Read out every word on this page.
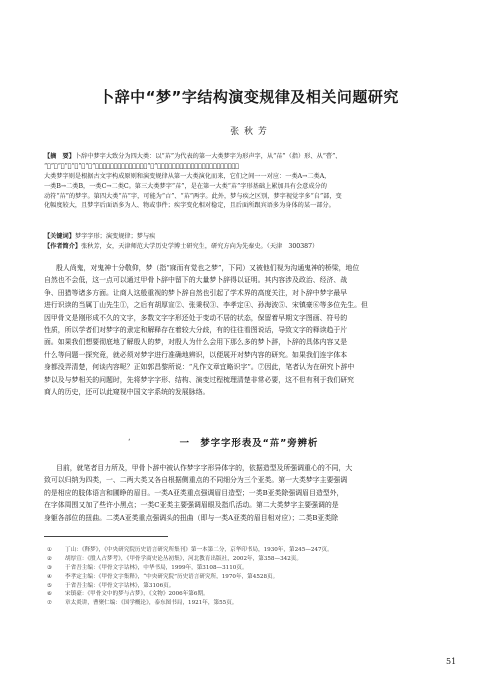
卜辞中“梦”字结构演变规律及相关问题研究
张 秋 芳
【摘　要】卜辞中梦字大致分为四大类：以“𦬢”为代表的第一大类梦字为形声字，从“𦬢”（指）形、从“瞢”、
“𤰷”、“𪽙”、“𢦏”或“𦬢”（异体声旁），𤕤（帚）声；以“梦”为代表的第二大类梦字是第一大类的省形字。第二
大类梦字则是根据古文字构成原则和演变规律从第一大类演化而来，它们之间一一对应：一类A→二类A，
一类B→二类B，一类C→二类C。第三大类梦字“𦬢”，是在第一大类“𦬢”字形基础上累加具有会意成分的
动符“𦬢”的梦字。第四大类“𦬢”字，可能为“𣅀”、“𦬢”两字。此外，梦与疾之区别，梦字视觉字多“𠂤”部，变
化幅度较大，且梦字后面语多为人、物或事件；疾字变化相对稳定，且后面所跟宾语多为身体的某一部分。
【关键词】梦字字形；演变规律；梦与疾
【作者简介】张秋芳，女，天津师范大学历史学博士研究生，研究方向为先秦史。（天津　300387）
殷人尚鬼，对鬼神十分敬仰，梦（指“寐而有觉也之梦”，下同）又被他们视为沟通鬼神的桥梁，地位
自然也不会低，这一点可以通过甲骨卜辞中留下的大量梦卜辞得以证明。其内容涉及政治、经济、战
争、田猎等诸多方面。让商人这般重视的梦卜辞自然也引起了学术界的高度关注，对卜辞中梦字最早
进行识读的当属丁山先生①，之后有胡厚宣②、张秉权③、李孝定④、孙海波⑤、宋镇豪⑥等多位先生。但
因甲骨文是刚形成不久的文字，多数文字字形还处于变动不居的状态，保留着早期文字图画、符号的
性质，所以学者们对梦字的隶定和解释存在着较大分歧，有的往往看图说话，导致文字的释读趋于片
面。如果我们想要彻底地了解殷人的梦，对殷人为什么会用下那么多的梦卜辞，卜辞的具体内容又是
什么等问题一探究竟，就必须对梦字进行准确地辨识，以便展开对梦内容的研究。如果我们连字体本
身都没弄清楚，何谈内容呢？正如郭昌黎所说：“凡作文章宜略识字”。⑦因此，笔者认为在研究卜辞中
梦以及与梦相关的问题时，先将梦字字形、结构、演变过程梳理清楚非常必要，这不但有利于我们研究
商人的历史，还可以此窥视中国文字系统的发展脉络。
‘	一　 梦字字形表及“𦬢”旁辨析
目前，就笔者目力所及，甲骨卜辞中被认作梦字字形异体字的，依据造型及所强调重心的不同，大
致可以归纳为四类，一、二两大类又各自根据侧重点的不同细分为三个亚类。第一大类梦字主要强调
的是相应的肢体语言和圃睁的眉目。一类A亚类重点强调眉目造型；一类B亚类除强调眉目造型外，
在字体周围又加了些许小黑点；一类C亚类主要强调眉眼及指爪活动。第二大类梦字主要强调的是
身躯各部位的扭曲。二类A亚类重点强调头的扭曲（即与一类A亚类的眉目相对应）；二类B亚类除
① 丁山：《释梦》，《中央研究院历史语言研究所集刊》第一本第二分，京华印书局，1930年，第245—247页。
② 胡厚宣：《殷人占梦考》，《甲骨学商史论丛初集》，河北教育出版社，2002年，第358—342页。
③ 于省吾主编：《甲骨文字诂林》，中华书局，1999年，第3108—3110页。
④ 李孝定主编：《甲骨文字集释》，“中央研究院”历史语言研究所，1970年，第4528页。
⑤ 于省吾主编：《甲骨文字诂林》，第3106页。
⑥ 宋镇豪：《甲骨文中的梦与占梦》，《文物》2006年第6期。
⑦ 章太炎讲，曹聚仁编：《国学概论》，泰东图书局，1921年，第55页。
51
